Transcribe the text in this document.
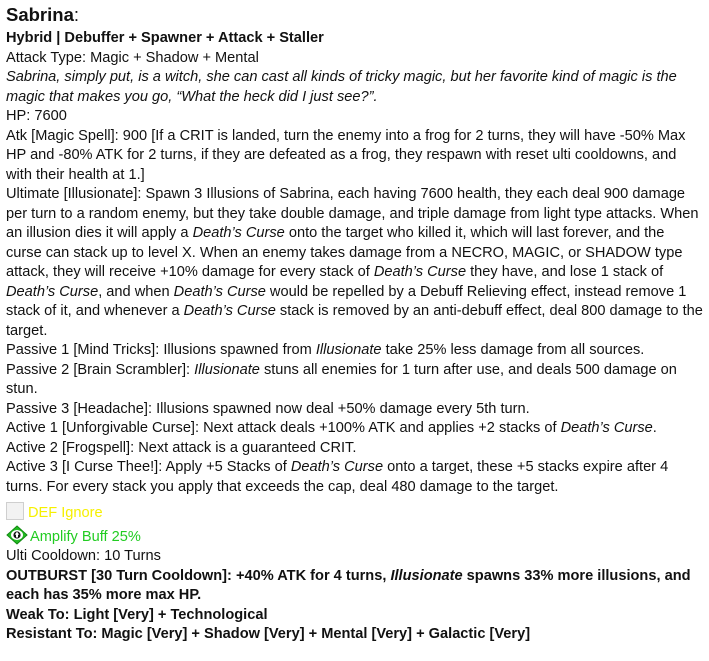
Sabrina:

Hybrid | Debuffer + Spawner + Attack + Staller

Attack Type: Magic + Shadow + Mental

Sabrina, simply put, is a witch, she can cast all kinds of tricky magic, but her favorite kind of magic is the magic that makes you go, “What the heck did I just see?”.

HP: 7600

Atk [Magic Spell]: 900 [If a CRIT is landed, turn the enemy into a frog for 2 turns, they will have -50% Max HP and -80% ATK for 2 turns, if they are defeated as a frog, they respawn with reset ulti cooldowns, and with their health at 1.]

Ultimate [Illusionate]: Spawn 3 Illusions of Sabrina, each having 7600 health, they each deal 900 damage per turn to a random enemy, but they take double damage, and triple damage from light type attacks. When an illusion dies it will apply a Death’s Curse onto the target who killed it, which will last forever, and the curse can stack up to level X. When an enemy takes damage from a NECRO, MAGIC, or SHADOW type attack, they will receive +10% damage for every stack of Death’s Curse they have, and lose 1 stack of Death’s Curse, and when Death’s Curse would be repelled by a Debuff Relieving effect, instead remove 1 stack of it, and whenever a Death’s Curse stack is removed by an anti-debuff effect, deal 800 damage to the target.

Passive 1 [Mind Tricks]: Illusions spawned from Illusionate take 25% less damage from all sources.

Passive 2 [Brain Scrambler]: Illusionate stuns all enemies for 1 turn after use, and deals 500 damage on stun.

Passive 3 [Headache]: Illusions spawned now deal +50% damage every 5th turn.

Active 1 [Unforgivable Curse]: Next attack deals +100% ATK and applies +2 stacks of Death’s Curse.

Active 2 [Frogspell]: Next attack is a guaranteed CRIT.

Active 3 [I Curse Thee!]: Apply +5 Stacks of Death’s Curse onto a target, these +5 stacks expire after 4 turns. For every stack you apply that exceeds the cap, deal 480 damage to the target.

DEF Ignore
Amplify Buff 25%

Ulti Cooldown: 10 Turns

OUTBURST [30 Turn Cooldown]: +40% ATK for 4 turns, Illusionate spawns 33% more illusions, and each has 35% more max HP.

Weak To: Light [Very] + Technological

Resistant To: Magic [Very] + Shadow [Very] + Mental [Very] + Galactic [Very]
